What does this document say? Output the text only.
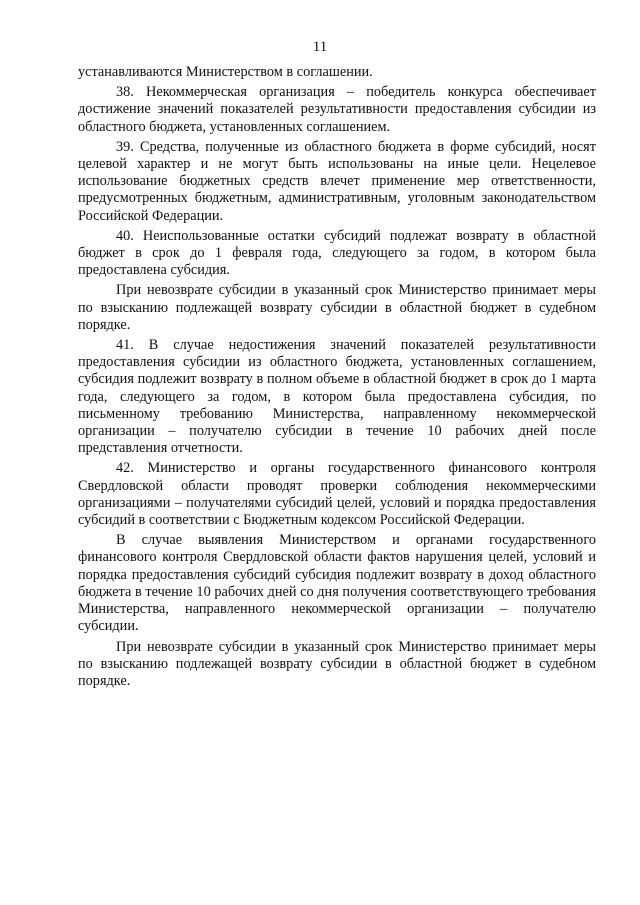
11

устанавливаются Министерством в соглашении.

38. Некоммерческая организация – победитель конкурса обеспечивает достижение значений показателей результативности предоставления субсидии из областного бюджета, установленных соглашением.

39. Средства, полученные из областного бюджета в форме субсидий, носят целевой характер и не могут быть использованы на иные цели. Нецелевое использование бюджетных средств влечет применение мер ответственности, предусмотренных бюджетным, административным, уголовным законодательством Российской Федерации.

40. Неиспользованные остатки субсидий подлежат возврату в областной бюджет в срок до 1 февраля года, следующего за годом, в котором была предоставлена субсидия.

При невозврате субсидии в указанный срок Министерство принимает меры по взысканию подлежащей возврату субсидии в областной бюджет в судебном порядке.

41. В случае недостижения значений показателей результативности предоставления субсидии из областного бюджета, установленных соглашением, субсидия подлежит возврату в полном объеме в областной бюджет в срок до 1 марта года, следующего за годом, в котором была предоставлена субсидия, по письменному требованию Министерства, направленному некоммерческой организации – получателю субсидии в течение 10 рабочих дней после представления отчетности.

42. Министерство и органы государственного финансового контроля Свердловской области проводят проверки соблюдения некоммерческими организациями – получателями субсидий целей, условий и порядка предоставления субсидий в соответствии с Бюджетным кодексом Российской Федерации.

В случае выявления Министерством и органами государственного финансового контроля Свердловской области фактов нарушения целей, условий и порядка предоставления субсидий субсидия подлежит возврату в доход областного бюджета в течение 10 рабочих дней со дня получения соответствующего требования Министерства, направленного некоммерческой организации – получателю субсидии.

При невозврате субсидии в указанный срок Министерство принимает меры по взысканию подлежащей возврату субсидии в областной бюджет в судебном порядке.
